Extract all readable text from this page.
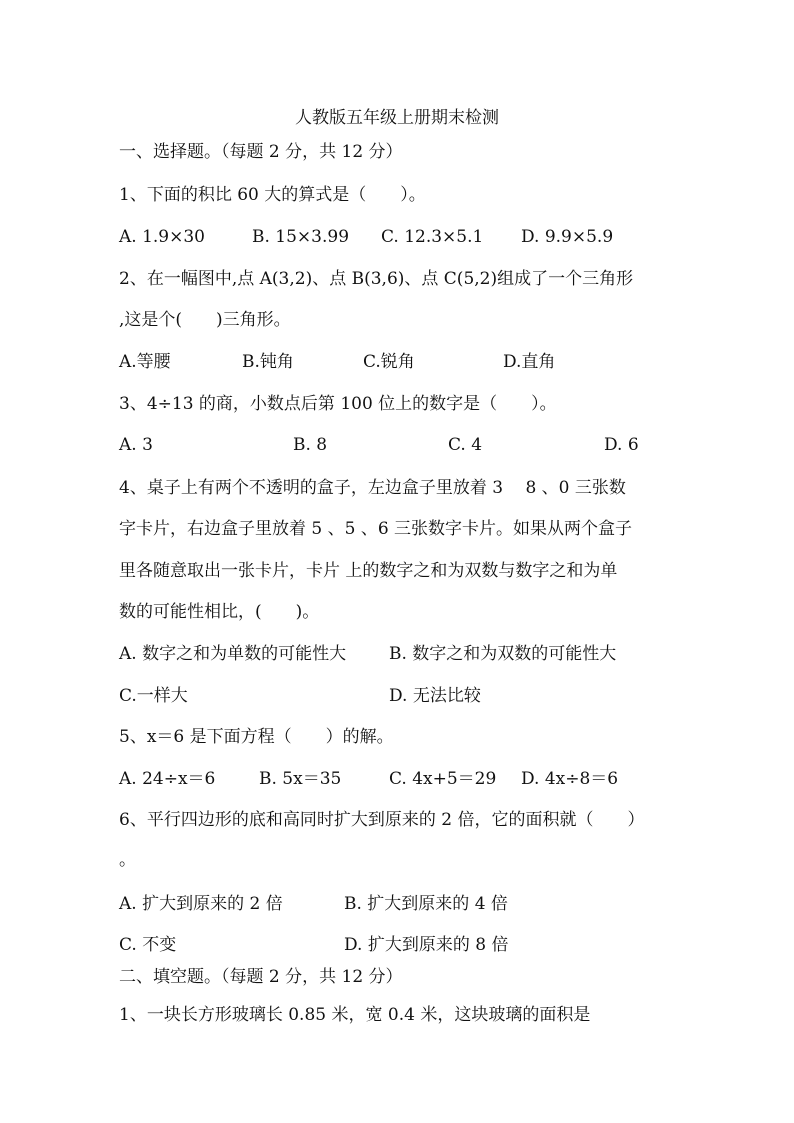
人教版五年级上册期末检测
一、选择题。（每题 2 分，共 12 分）
1、下面的积比 60 大的算式是（　　）。
A. 1.9×30	B. 15×3.99 C. 12.3×5.1 D. 9.9×5.9
2、在一幅图中,点 A(3,2)、点 B(3,6)、点 C(5,2)组成了一个三角形
,这是个(　　)三角形。
A.等腰	B.钝角	C.锐角	D.直角
3、4÷13 的商，小数点后第 100 位上的数字是（　　）。
A. 3	B. 8	C. 4	D. 6
4、桌子上有两个不透明的盒子，左边盒子里放着 3　 8 、0 三张数
字卡片，右边盒子里放着 5 、5 、6 三张数字卡片。如果从两个盒子
里各随意取出一张卡片，卡片 上的数字之和为双数与数字之和为单
数的可能性相比，(　　)。
A. 数字之和为单数的可能性大	B. 数字之和为双数的可能性大
C.一样大	D. 无法比较
5、x＝6 是下面方程（　　）的解。
A. 24÷x＝6	B. 5x＝35	C. 4x+5＝29 D. 4x÷8＝6
6、平行四边形的底和高同时扩大到原来的 2 倍，它的面积就（　　）
。
A. 扩大到原来的 2 倍	B. 扩大到原来的 4 倍
C. 不变	D. 扩大到原来的 8 倍
二、填空题。（每题 2 分，共 12 分）
1、一块长方形玻璃长 0.85 米，宽 0.4 米，这块玻璃的面积是
